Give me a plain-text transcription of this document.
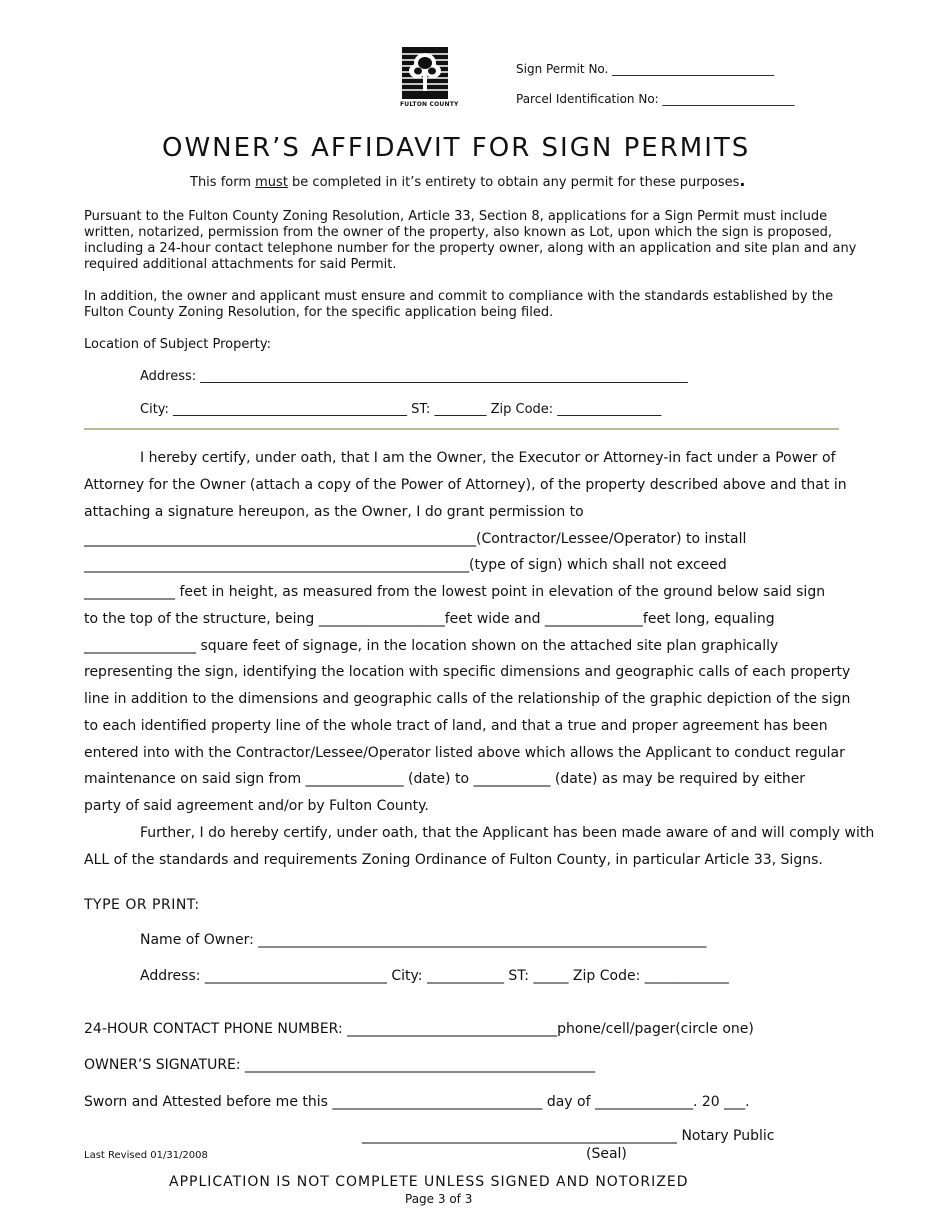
FULTON COUNTY
Sign Permit No. ___________________________
Parcel Identification No: ______________________
OWNER’S AFFIDAVIT FOR SIGN PERMITS
This form must be completed in it’s entirety to obtain any permit for these purposes.
Pursuant to the Fulton County Zoning Resolution, Article 33, Section 8, applications for a Sign Permit must include
written, notarized, permission from the owner of the property, also known as Lot, upon which the sign is proposed,
including a 24-hour contact telephone number for the property owner, along with an application and site plan and any
required additional attachments for said Permit.
In addition, the owner and applicant must ensure and commit to compliance with the standards established by the
Fulton County Zoning Resolution, for the specific application being filed.
Location of Subject Property:
Address: ___________________________________________________________________________
City: ____________________________________ ST: ________ Zip Code: ________________
I hereby certify, under oath, that I am the Owner, the Executor or Attorney-in fact under a Power of
Attorney for the Owner (attach a copy of the Power of Attorney), of the property described above and that in
attaching a signature hereupon, as the Owner, I do grant permission to
________________________________________________________(Contractor/Lessee/Operator) to install
_______________________________________________________(type of sign) which shall not exceed
_____________ feet in height, as measured from the lowest point in elevation of the ground below said sign
to the top of the structure, being __________________feet wide and ______________feet long, equaling
________________ square feet of signage, in the location shown on the attached site plan graphically
representing the sign, identifying the location with specific dimensions and geographic calls of each property
line in addition to the dimensions and geographic calls of the relationship of the graphic depiction of the sign
to each identified property line of the whole tract of land, and that a true and proper agreement has been
entered into with the Contractor/Lessee/Operator listed above which allows the Applicant to conduct regular
maintenance on said sign from ______________ (date) to ___________ (date) as may be required by either
party of said agreement and/or by Fulton County.
Further, I do hereby certify, under oath, that the Applicant has been made aware of and will comply with
ALL of the standards and requirements Zoning Ordinance of Fulton County, in particular Article 33, Signs.
TYPE OR PRINT:
Name of Owner: ________________________________________________________________
Address: __________________________ City: ___________ ST: _____ Zip Code: ____________
24-HOUR CONTACT PHONE NUMBER: ______________________________phone/cell/pager(circle one)
OWNER’S SIGNATURE: __________________________________________________
Sworn and Attested before me this ______________________________ day of ______________. 20 ___.
_____________________________________________ Notary Public
(Seal)
Last Revised 01/31/2008
APPLICATION IS NOT COMPLETE UNLESS SIGNED AND NOTORIZED
Page 3 of 3
